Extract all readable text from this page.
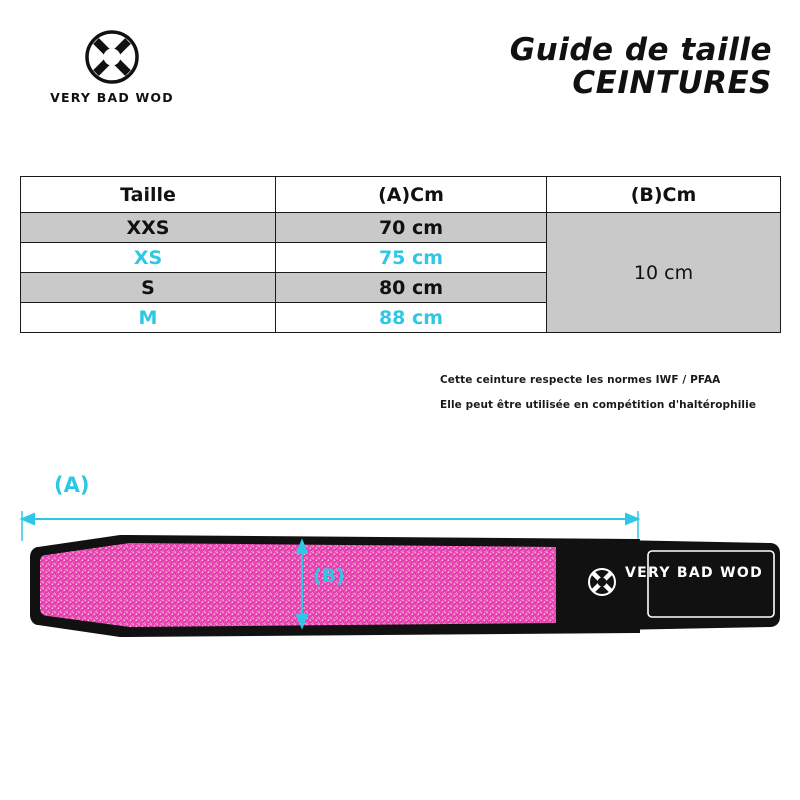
VERY BAD WOD
Guide de taille
CEINTURES
Taille	(A)Cm	(B)Cm
XXS	70 cm	10 cm
XS	75 cm	
S	80 cm	
M	88 cm	
Cette ceinture respecte les normes IWF / PFAA
Elle peut être utilisée en compétition d'haltérophilie
(A)
(B)	VERY BAD WOD
